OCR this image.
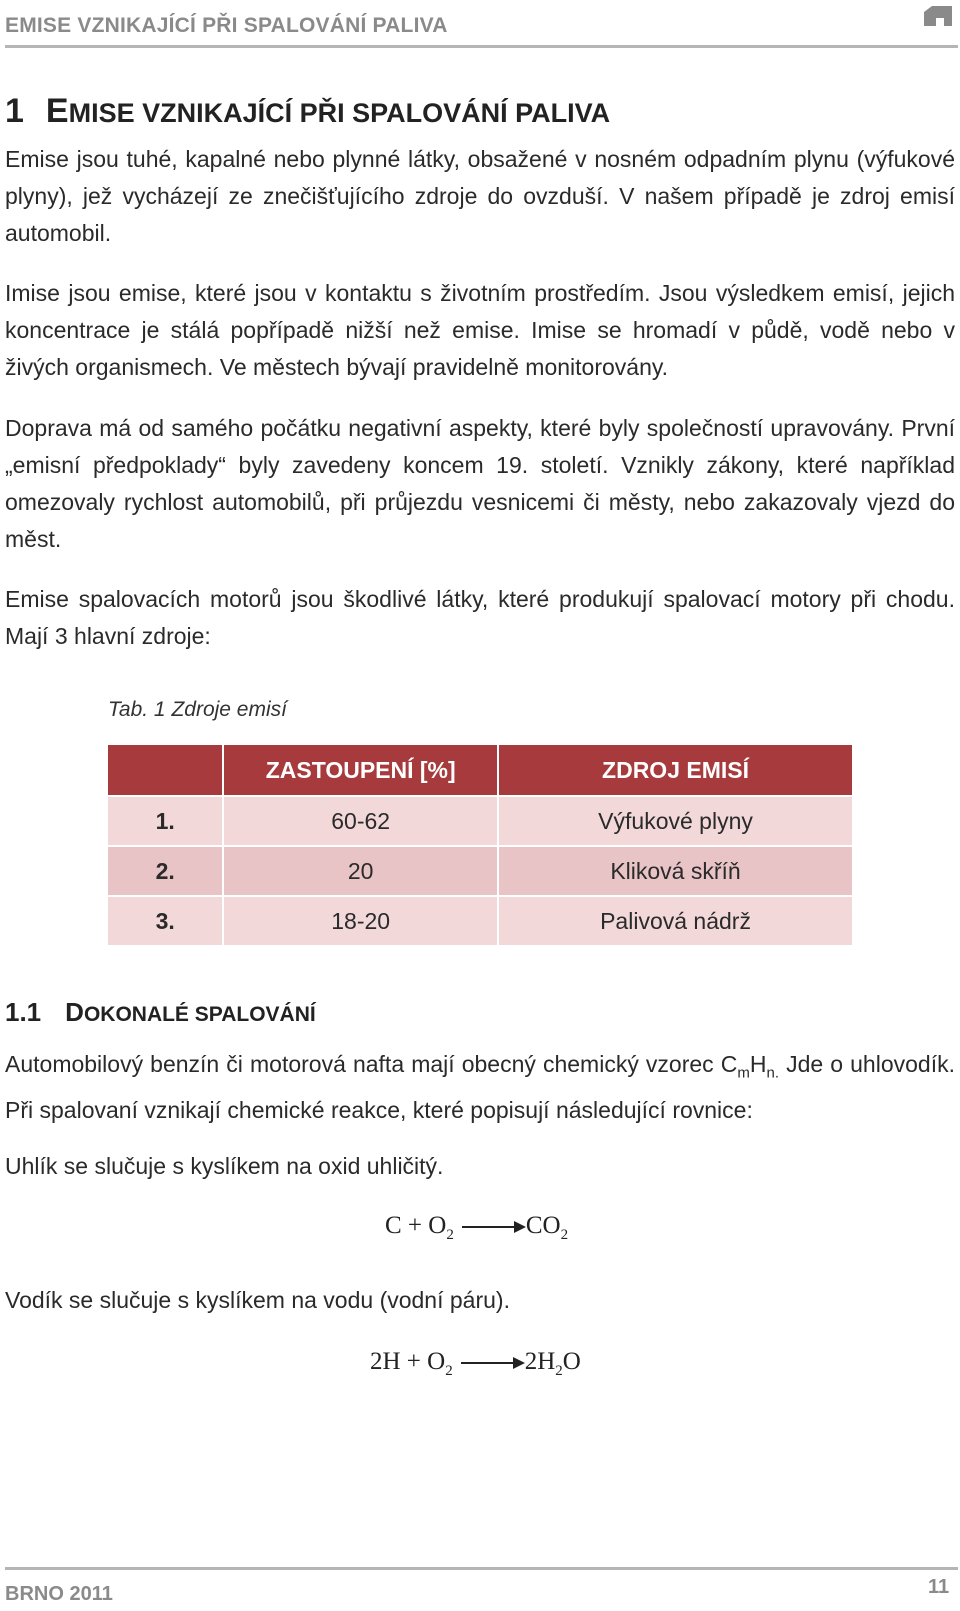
EMISE VZNIKAJÍCÍ PŘI SPALOVÁNÍ PALIVA
1 EMISE VZNIKAJÍCÍ PŘI SPALOVÁNÍ PALIVA
Emise jsou tuhé, kapalné nebo plynné látky, obsažené v nosném odpadním plynu (výfukové plyny), jež vycházejí ze znečišťujícího zdroje do ovzduší. V našem případě je zdroj emisí automobil.
Imise jsou emise, které jsou v kontaktu s životním prostředím. Jsou výsledkem emisí, jejich koncentrace je stálá popřípadě nižší než emise. Imise se hromadí v půdě, vodě nebo v živých organismech. Ve městech bývají pravidelně monitorovány.
Doprava má od samého počátku negativní aspekty, které byly společností upravovány. První „emisní předpoklady“ byly zavedeny koncem 19. století. Vznikly zákony, které například omezovaly rychlost automobilů, při průjezdu vesnicemi či městy, nebo zakazovaly vjezd do měst.
Emise spalovacích motorů jsou škodlivé látky, které produkují spalovací motory při chodu. Mají 3 hlavní zdroje:
Tab. 1 Zdroje emisí
	ZASTOUPENÍ [%]	ZDROJ EMISÍ
1.	60-62	Výfukové plyny
2.	20	Kliková skříň
3.	18-20	Palivová nádrž
1.1 DOKONALÉ SPALOVÁNÍ
Automobilový benzín či motorová nafta mají obecný chemický vzorec $C_mH_{n.}$ Jde o uhlovodík. Při spalovaní vznikají chemické reakce, které popisují následující rovnice:
Uhlík se slučuje s kyslíkem na oxid uhličitý.
$C + O_2 \to CO_2$
Vodík se slučuje s kyslíkem na vodu (vodní páru).
$2H + O_2 \to 2H_2O$
BRNO 2011	11
